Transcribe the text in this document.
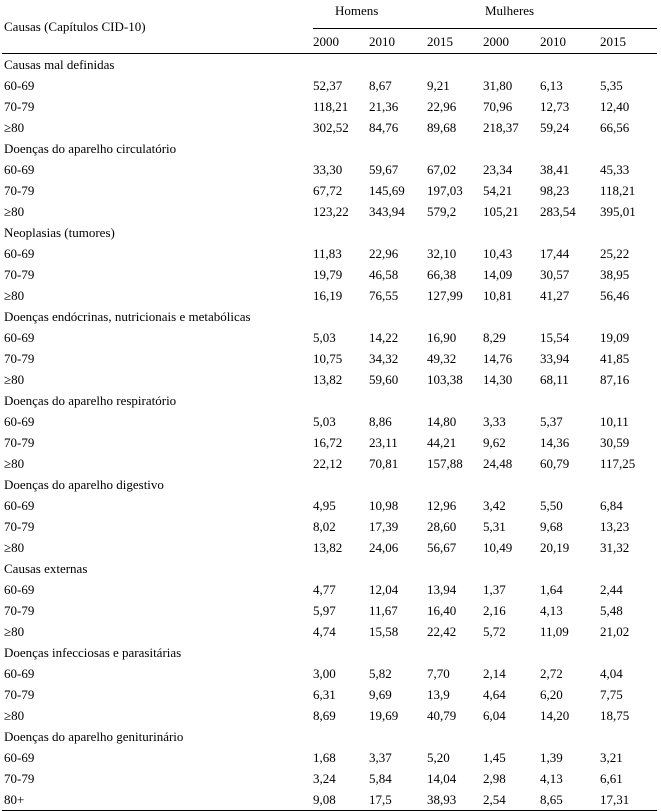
Causas (Capítulos CID-10)	Homens			Mulheres		
	2000	2010	2015	2000	2010	2015
Causas mal definidas						
60-69	52,37	8,67	9,21	31,80	6,13	5,35
70-79	118,21	21,36	22,96	70,96	12,73	12,40
≥80	302,52	84,76	89,68	218,37	59,24	66,56
Doenças do aparelho circulatório						
60-69	33,30	59,67	67,02	23,34	38,41	45,33
70-79	67,72	145,69	197,03	54,21	98,23	118,21
≥80	123,22	343,94	579,2	105,21	283,54	395,01
Neoplasias (tumores)						
60-69	11,83	22,96	32,10	10,43	17,44	25,22
70-79	19,79	46,58	66,38	14,09	30,57	38,95
≥80	16,19	76,55	127,99	10,81	41,27	56,46
Doenças endócrinas, nutricionais e metabólicas						
60-69	5,03	14,22	16,90	8,29	15,54	19,09
70-79	10,75	34,32	49,32	14,76	33,94	41,85
≥80	13,82	59,60	103,38	14,30	68,11	87,16
Doenças do aparelho respiratório						
60-69	5,03	8,86	14,80	3,33	5,37	10,11
70-79	16,72	23,11	44,21	9,62	14,36	30,59
≥80	22,12	70,81	157,88	24,48	60,79	117,25
Doenças do aparelho digestivo						
60-69	4,95	10,98	12,96	3,42	5,50	6,84
70-79	8,02	17,39	28,60	5,31	9,68	13,23
≥80	13,82	24,06	56,67	10,49	20,19	31,32
Causas externas						
60-69	4,77	12,04	13,94	1,37	1,64	2,44
70-79	5,97	11,67	16,40	2,16	4,13	5,48
≥80	4,74	15,58	22,42	5,72	11,09	21,02
Doenças infecciosas e parasitárias						
60-69	3,00	5,82	7,70	2,14	2,72	4,04
70-79	6,31	9,69	13,9	4,64	6,20	7,75
≥80	8,69	19,69	40,79	6,04	14,20	18,75
Doenças do aparelho geniturinário						
60-69	1,68	3,37	5,20	1,45	1,39	3,21
70-79	3,24	5,84	14,04	2,98	4,13	6,61
80+	9,08	17,5	38,93	2,54	8,65	17,31
